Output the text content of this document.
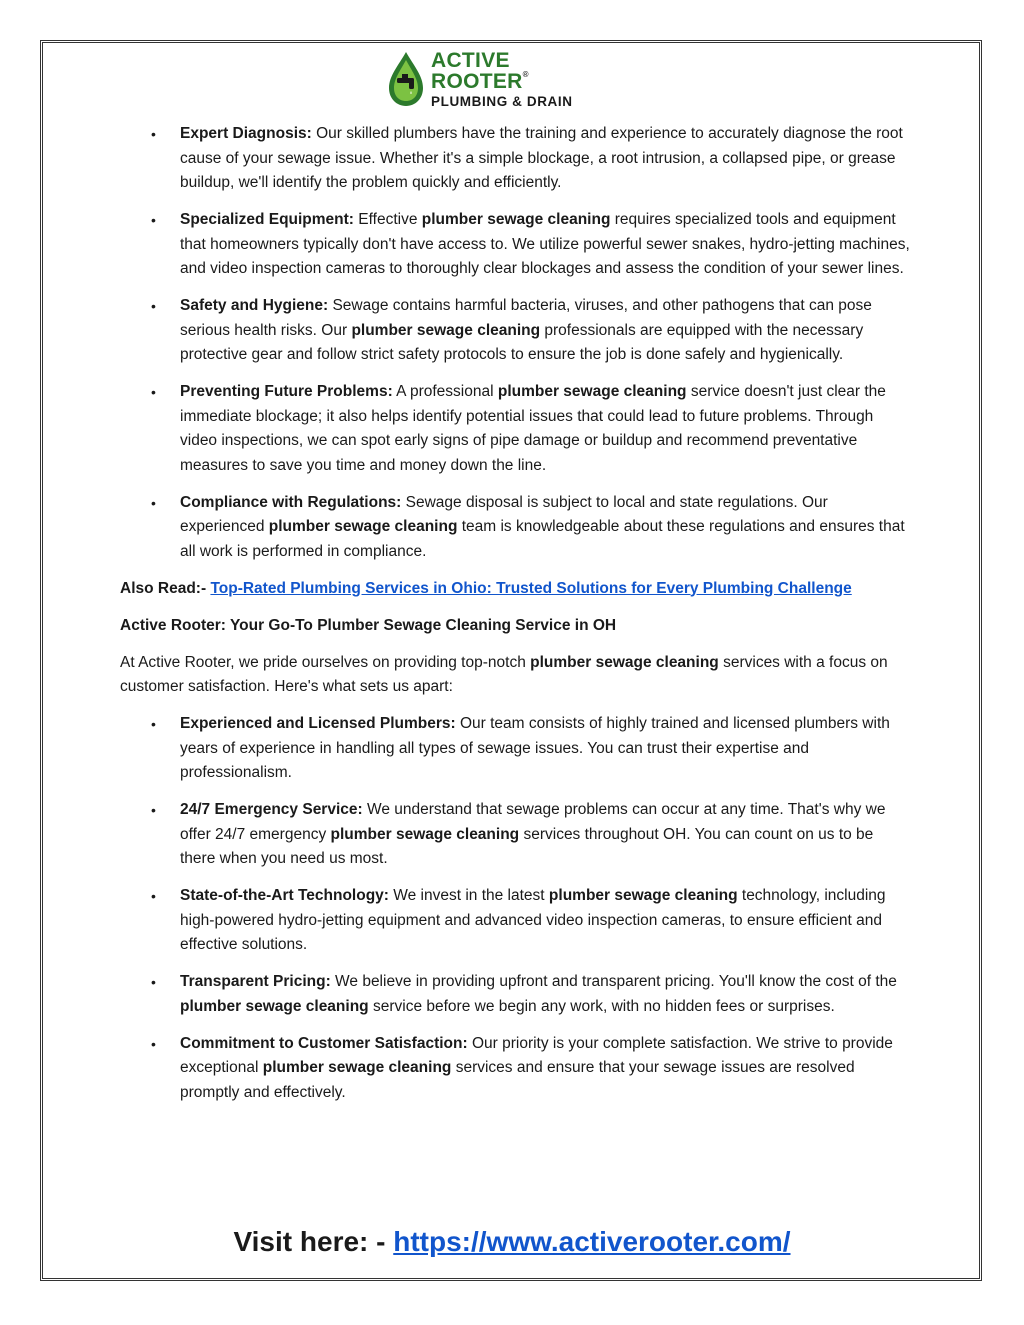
ACTIVE ROOTER®
PLUMBING & DRAIN
• Expert Diagnosis: Our skilled plumbers have the training and experience to accurately diagnose the root cause of your sewage issue. Whether it's a simple blockage, a root intrusion, a collapsed pipe, or grease buildup, we'll identify the problem quickly and efficiently.
• Specialized Equipment: Effective plumber sewage cleaning requires specialized tools and equipment that homeowners typically don't have access to. We utilize powerful sewer snakes, hydro-jetting machines, and video inspection cameras to thoroughly clear blockages and assess the condition of your sewer lines.
• Safety and Hygiene: Sewage contains harmful bacteria, viruses, and other pathogens that can pose serious health risks. Our plumber sewage cleaning professionals are equipped with the necessary protective gear and follow strict safety protocols to ensure the job is done safely and hygienically.
• Preventing Future Problems: A professional plumber sewage cleaning service doesn't just clear the immediate blockage; it also helps identify potential issues that could lead to future problems. Through video inspections, we can spot early signs of pipe damage or buildup and recommend preventative measures to save you time and money down the line.
• Compliance with Regulations: Sewage disposal is subject to local and state regulations. Our experienced plumber sewage cleaning team is knowledgeable about these regulations and ensures that all work is performed in compliance.

Also Read:- Top-Rated Plumbing Services in Ohio: Trusted Solutions for Every Plumbing Challenge

Active Rooter: Your Go-To Plumber Sewage Cleaning Service in OH

At Active Rooter, we pride ourselves on providing top-notch plumber sewage cleaning services with a focus on customer satisfaction. Here's what sets us apart:

• Experienced and Licensed Plumbers: Our team consists of highly trained and licensed plumbers with years of experience in handling all types of sewage issues. You can trust their expertise and professionalism.
• 24/7 Emergency Service: We understand that sewage problems can occur at any time. That's why we offer 24/7 emergency plumber sewage cleaning services throughout OH. You can count on us to be there when you need us most.
• State-of-the-Art Technology: We invest in the latest plumber sewage cleaning technology, including high-powered hydro-jetting equipment and advanced video inspection cameras, to ensure efficient and effective solutions.
• Transparent Pricing: We believe in providing upfront and transparent pricing. You'll know the cost of the plumber sewage cleaning service before we begin any work, with no hidden fees or surprises.
• Commitment to Customer Satisfaction: Our priority is your complete satisfaction. We strive to provide exceptional plumber sewage cleaning services and ensure that your sewage issues are resolved promptly and effectively.
Visit here: - https://www.activerooter.com/
